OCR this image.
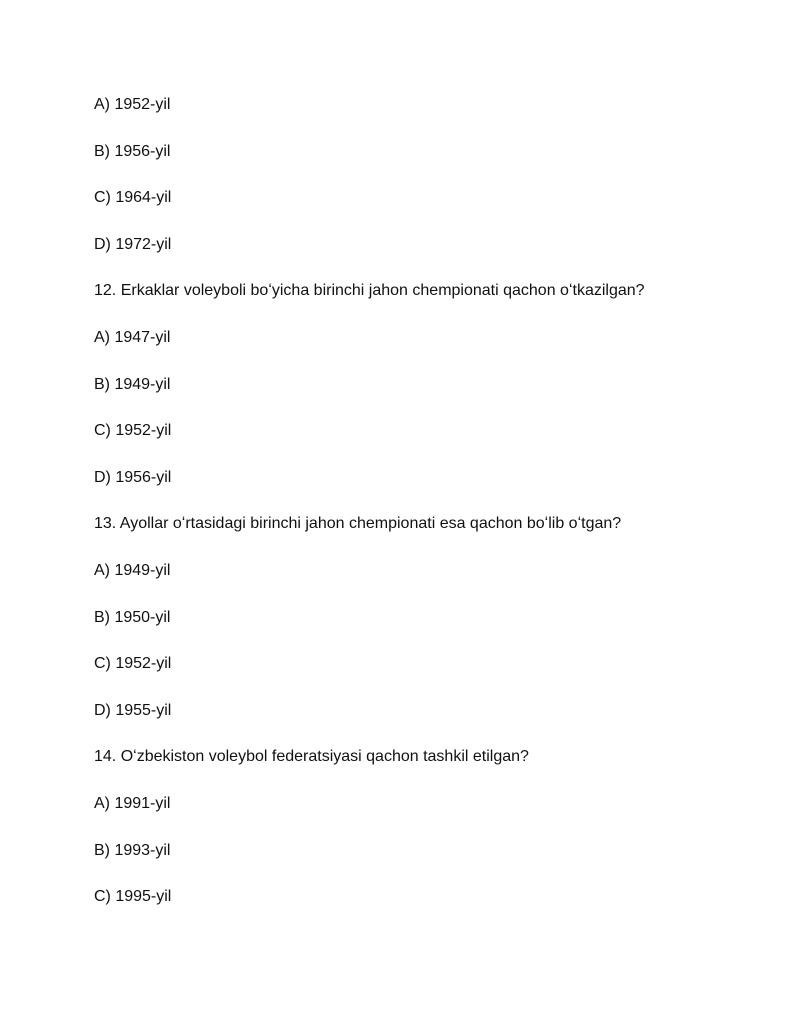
A) 1952-yil
B) 1956-yil
C) 1964-yil
D) 1972-yil
12. Erkaklar voleyboli boʻyicha birinchi jahon chempionati qachon oʻtkazilgan?
A) 1947-yil
B) 1949-yil
C) 1952-yil
D) 1956-yil
13. Ayollar oʻrtasidagi birinchi jahon chempionati esa qachon boʻlib oʻtgan?
A) 1949-yil
B) 1950-yil
C) 1952-yil
D) 1955-yil
14. Oʻzbekiston voleybol federatsiyasi qachon tashkil etilgan?
A) 1991-yil
B) 1993-yil
C) 1995-yil
